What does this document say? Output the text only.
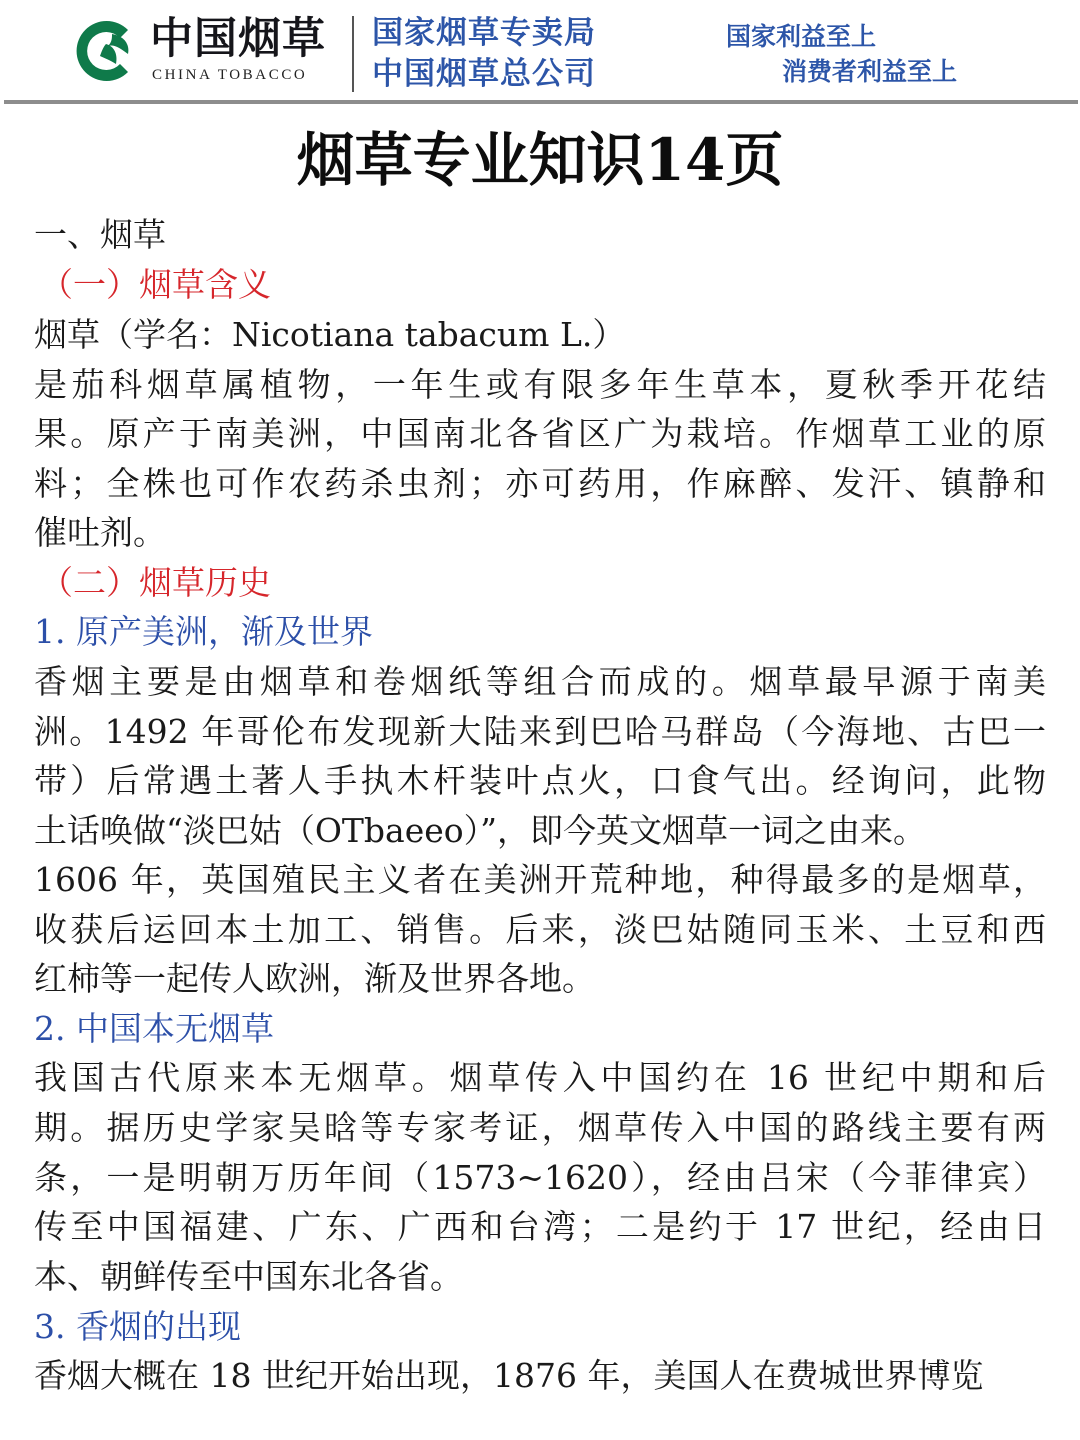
中国烟草
CHINA TOBACCO
国家烟草专卖局
中国烟草总公司
国家利益至上
消费者利益至上
烟草专业知识14页
一、烟草
（一）烟草含义
烟草（学名：Nicotiana tabacum L.）
是茄科烟草属植物，一年生或有限多年生草本，夏秋季开花结
果。原产于南美洲，中国南北各省区广为栽培。作烟草工业的原
料；全株也可作农药杀虫剂；亦可药用，作麻醉、发汗、镇静和
催吐剂。
（二）烟草历史
1. 原产美洲，渐及世界
香烟主要是由烟草和卷烟纸等组合而成的。烟草最早源于南美
洲。1492 年哥伦布发现新大陆来到巴哈马群岛（今海地、古巴一
带）后常遇土著人手执木杆装叶点火，口食气出。经询问，此物
土话唤做“淡巴姑（OTbaeeo）”，即今英文烟草一词之由来。
1606 年，英国殖民主义者在美洲开荒种地，种得最多的是烟草，
收获后运回本土加工、销售。后来，淡巴姑随同玉米、土豆和西
红柿等一起传人欧洲，渐及世界各地。
2. 中国本无烟草
我国古代原来本无烟草。烟草传入中国约在 16 世纪中期和后
期。据历史学家吴晗等专家考证，烟草传入中国的路线主要有两
条，一是明朝万历年间（1573~1620），经由吕宋（今菲律宾）
传至中国福建、广东、广西和台湾；二是约于 17 世纪，经由日
本、朝鲜传至中国东北各省。
3. 香烟的出现
香烟大概在 18 世纪开始出现，1876 年，美国人在费城世界博览
